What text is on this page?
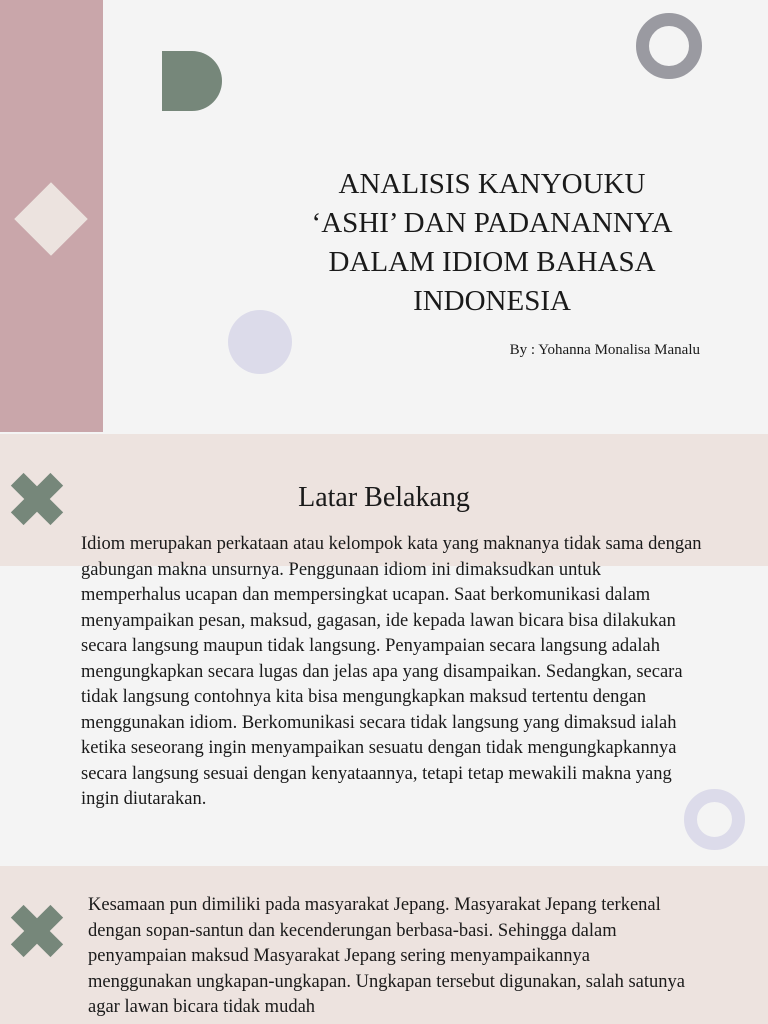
ANALISIS KANYOUKU ‘ASHI’ DAN PADANANNYA DALAM IDIOM BAHASA INDONESIA

By : Yohanna Monalisa Manalu

Latar Belakang

Idiom merupakan perkataan atau kelompok kata yang maknanya tidak sama dengan gabungan makna unsurnya. Penggunaan idiom ini dimaksudkan untuk memperhalus ucapan dan mempersingkat ucapan. Saat berkomunikasi dalam menyampaikan pesan, maksud, gagasan, ide kepada lawan bicara bisa dilakukan secara langsung maupun tidak langsung. Penyampaian secara langsung adalah mengungkapkan secara lugas dan jelas apa yang disampaikan. Sedangkan, secara tidak langsung contohnya kita bisa mengungkapkan maksud tertentu dengan menggunakan idiom. Berkomunikasi secara tidak langsung yang dimaksud ialah ketika seseorang ingin menyampaikan sesuatu dengan tidak mengungkapkannya secara langsung sesuai dengan kenyataannya, tetapi tetap mewakili makna yang ingin diutarakan.

Kesamaan pun dimiliki pada masyarakat Jepang. Masyarakat Jepang terkenal dengan sopan-santun dan kecenderungan berbasa-basi. Sehingga dalam penyampaian maksud Masyarakat Jepang sering menyampaikannya menggunakan ungkapan-ungkapan. Ungkapan tersebut digunakan, salah satunya agar lawan bicara tidak mudah
